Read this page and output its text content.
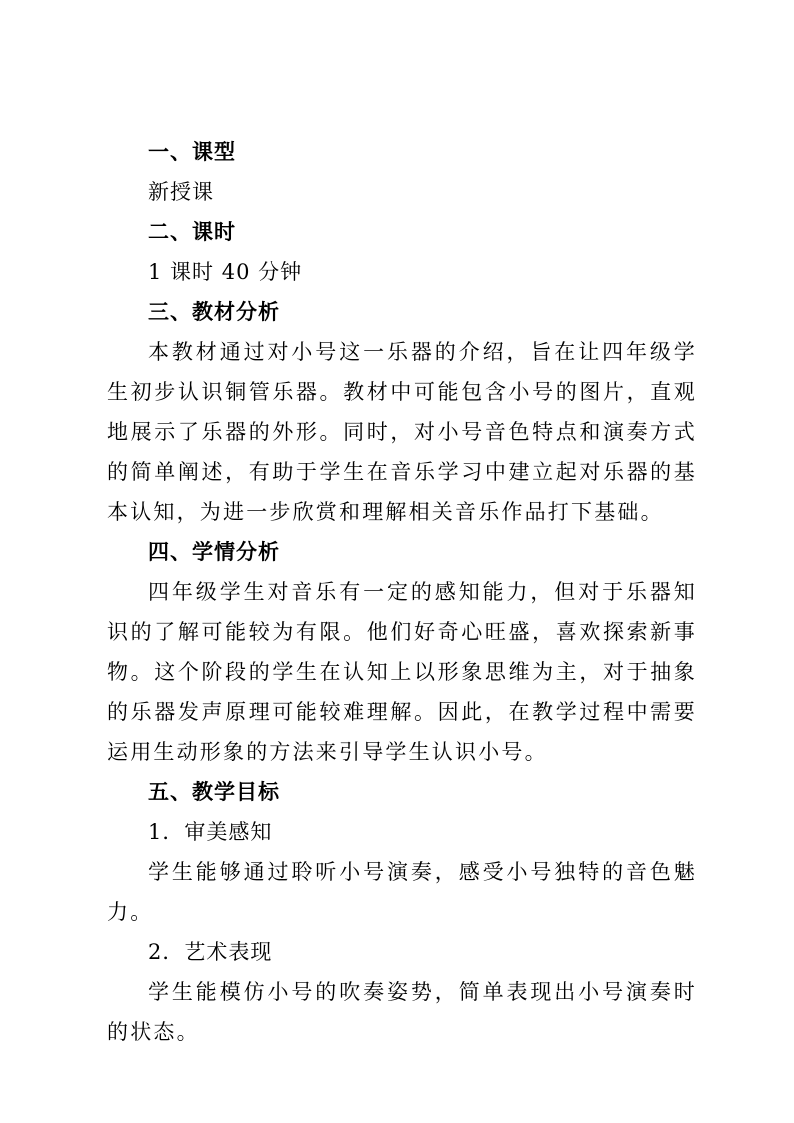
一、课型

新授课

二、课时

1 课时 40 分钟

三、教材分析

本教材通过对小号这一乐器的介绍，旨在让四年级学生初步认识铜管乐器。教材中可能包含小号的图片，直观地展示了乐器的外形。同时，对小号音色特点和演奏方式的简单阐述，有助于学生在音乐学习中建立起对乐器的基本认知，为进一步欣赏和理解相关音乐作品打下基础。

四、学情分析

四年级学生对音乐有一定的感知能力，但对于乐器知识的了解可能较为有限。他们好奇心旺盛，喜欢探索新事物。这个阶段的学生在认知上以形象思维为主，对于抽象的乐器发声原理可能较难理解。因此，在教学过程中需要运用生动形象的方法来引导学生认识小号。

五、教学目标

1．审美感知

学生能够通过聆听小号演奏，感受小号独特的音色魅力。

2．艺术表现

学生能模仿小号的吹奏姿势，简单表现出小号演奏时的状态。
